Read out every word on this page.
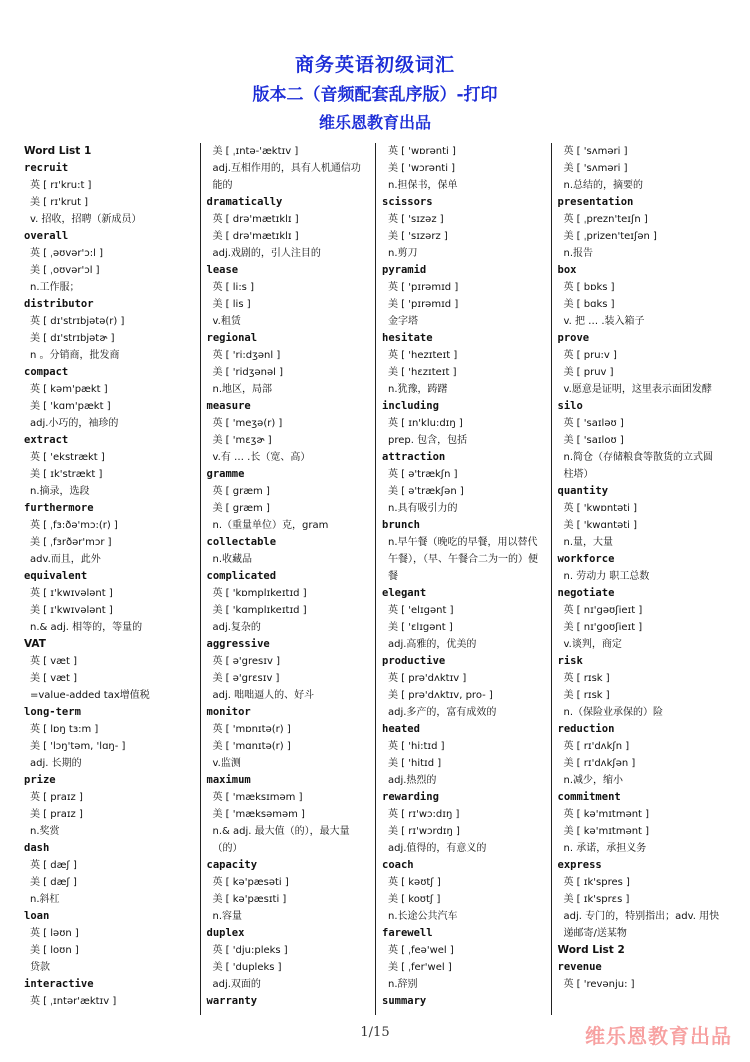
商务英语初级词汇
版本二（音频配套乱序版）-打印
维乐恩教育出品
Word List 1
recruit
英 [ rɪ'kru:t ]
美 [ rɪ'krut ]
v. 招收，招聘（新成员）
overall
英 [ ˌəʊvər'ɔ:l ]
美 [ ˌoʊvər'ɔl ]
n.工作服；
distributor
英 [ dɪ'strɪbjətə(r) ]
美 [ dɪ'strɪbjətɚ ]
n 。分销商，批发商
compact
英 [ kəm'pækt ]
美 [ 'kɑm'pækt ]
adj.小巧的，袖珍的
extract
英 [ 'ekstrækt ]
美 [ ɪk'strækt ]
n.摘录，选段
furthermore
英 [ ˌfɜ:ðə'mɔ:(r) ]
美 [ ˌfɜrðər'mɔr ]
adv.而且，此外
equivalent
英 [ ɪ'kwɪvələnt ]
美 [ ɪ'kwɪvələnt ]
n.& adj. 相等的，等量的
VAT
英 [ væt ]
美 [ væt ]
=value-added tax增值税
long-term
英 [ lɒŋ tɜ:m ]
美 [ 'lɔŋ'təm, 'lɑŋ- ]
adj. 长期的
prize
英 [ praɪz ]
美 [ praɪz ]
n.奖赏
dash
英 [ dæʃ ]
美 [ dæʃ ]
n.斜杠
loan
英 [ ləʊn ]
美 [ loʊn ]
贷款
interactive
英 [ ˌɪntər'æktɪv ]
美 [ ˌɪntə-'æktɪv ]
adj.互相作用的，具有人机通信功能的
dramatically
英 [ drə'mætɪklɪ ]
美 [ drə'mætɪklɪ ]
adj.戏剧的，引人注目的
lease
英 [ li:s ]
美 [ lis ]
v.租赁
regional
英 [ 'ri:dʒənl ]
美 [ 'ridʒənəl ]
n.地区，局部
measure
英 [ 'meʒə(r) ]
美 [ 'mɛʒɚ ]
v.有 … .长（宽、高）
gramme
英 [ græm ]
美 [ græm ]
n.（重量单位）克，gram
collectable
n.收藏品
complicated
英 [ 'kɒmplɪkeɪtɪd ]
美 [ 'kɑmplɪkeɪtɪd ]
adj.复杂的
aggressive
英 [ ə'gresɪv ]
美 [ ə'grɛsɪv ]
adj. 咄咄逼人的、好斗
monitor
英 [ 'mɒnɪtə(r) ]
美 [ 'mɑnɪtə(r) ]
v.监测
maximum
英 [ 'mæksɪməm ]
美 [ 'mæksəməm ]
n.& adj. 最大值（的），最大量（的）
capacity
英 [ kə'pæsəti ]
美 [ kə'pæsɪti ]
n.容量
duplex
英 [ 'dju:pleks ]
美 [ 'dupleks ]
adj.双面的
warranty
英 [ 'wɒrənti ]
美 [ 'wɔrənti ]
n.担保书，保单
scissors
英 [ 'sɪzəz ]
美 [ 'sɪzərz ]
n.剪刀
pyramid
英 [ 'pɪrəmɪd ]
美 [ 'pɪrəmɪd ]
金字塔
hesitate
英 [ 'hezɪteɪt ]
美 [ 'hɛzɪteɪt ]
n.犹豫，踌躇
including
英 [ ɪn'klu:dɪŋ ]
prep. 包含，包括
attraction
英 [ ə'trækʃn ]
美 [ ə'trækʃən ]
n.具有吸引力的
brunch
n.早午餐（晚吃的早餐，用以替代午餐），（早、午餐合二为一的）便餐
elegant
英 [ 'elɪgənt ]
美 [ 'ɛlɪgənt ]
adj.高雅的，优美的
productive
英 [ prə'dʌktɪv ]
美 [ prə'dʌktɪv, pro- ]
adj.多产的，富有成效的
heated
英 [ 'hi:tɪd ]
美 [ 'hitɪd ]
adj.热烈的
rewarding
英 [ rɪ'wɔ:dɪŋ ]
美 [ rɪ'wɔrdɪŋ ]
adj.值得的，有意义的
coach
英 [ kəʊtʃ ]
美 [ koʊtʃ ]
n.长途公共汽车
farewell
英 [ ˌfeə'wel ]
美 [ ˌfer'wel ]
n.辞别
summary
英 [ 'sʌməri ]
美 [ 'sʌməri ]
n.总结的，摘要的
presentation
英 [ ˌprezn'teɪʃn ]
美 [ ˌprizen'teɪʃən ]
n.报告
box
英 [ bɒks ]
美 [ bɑks ]
v. 把 … .装入箱子
prove
英 [ pru:v ]
美 [ pruv ]
v.愿意是证明，这里表示面团发酵
silo
英 [ 'saɪləʊ ]
美 [ 'saɪloʊ ]
n.简仓（存储粮食等散货的立式圆柱塔）
quantity
英 [ 'kwɒntəti ]
美 [ 'kwɑntəti ]
n.量，大量
workforce
n. 劳动力 职工总数
negotiate
英 [ nɪ'gəʊʃieɪt ]
美 [ nɪ'goʊʃieɪt ]
v.谈判，商定
risk
英 [ rɪsk ]
美 [ rɪsk ]
n.（保险业承保的）险
reduction
英 [ rɪ'dʌkʃn ]
美 [ rɪ'dʌkʃən ]
n.减少，缩小
commitment
英 [ kə'mɪtmənt ]
美 [ kə'mɪtmənt ]
n. 承诺，承担义务
express
英 [ ɪk'spres ]
美 [ ɪk'sprɛs ]
adj. 专门的，特别指出；adv. 用快递邮寄/送某物
Word List 2
revenue
英 [ 'revənju: ]
1/15	维乐恩教育出品
